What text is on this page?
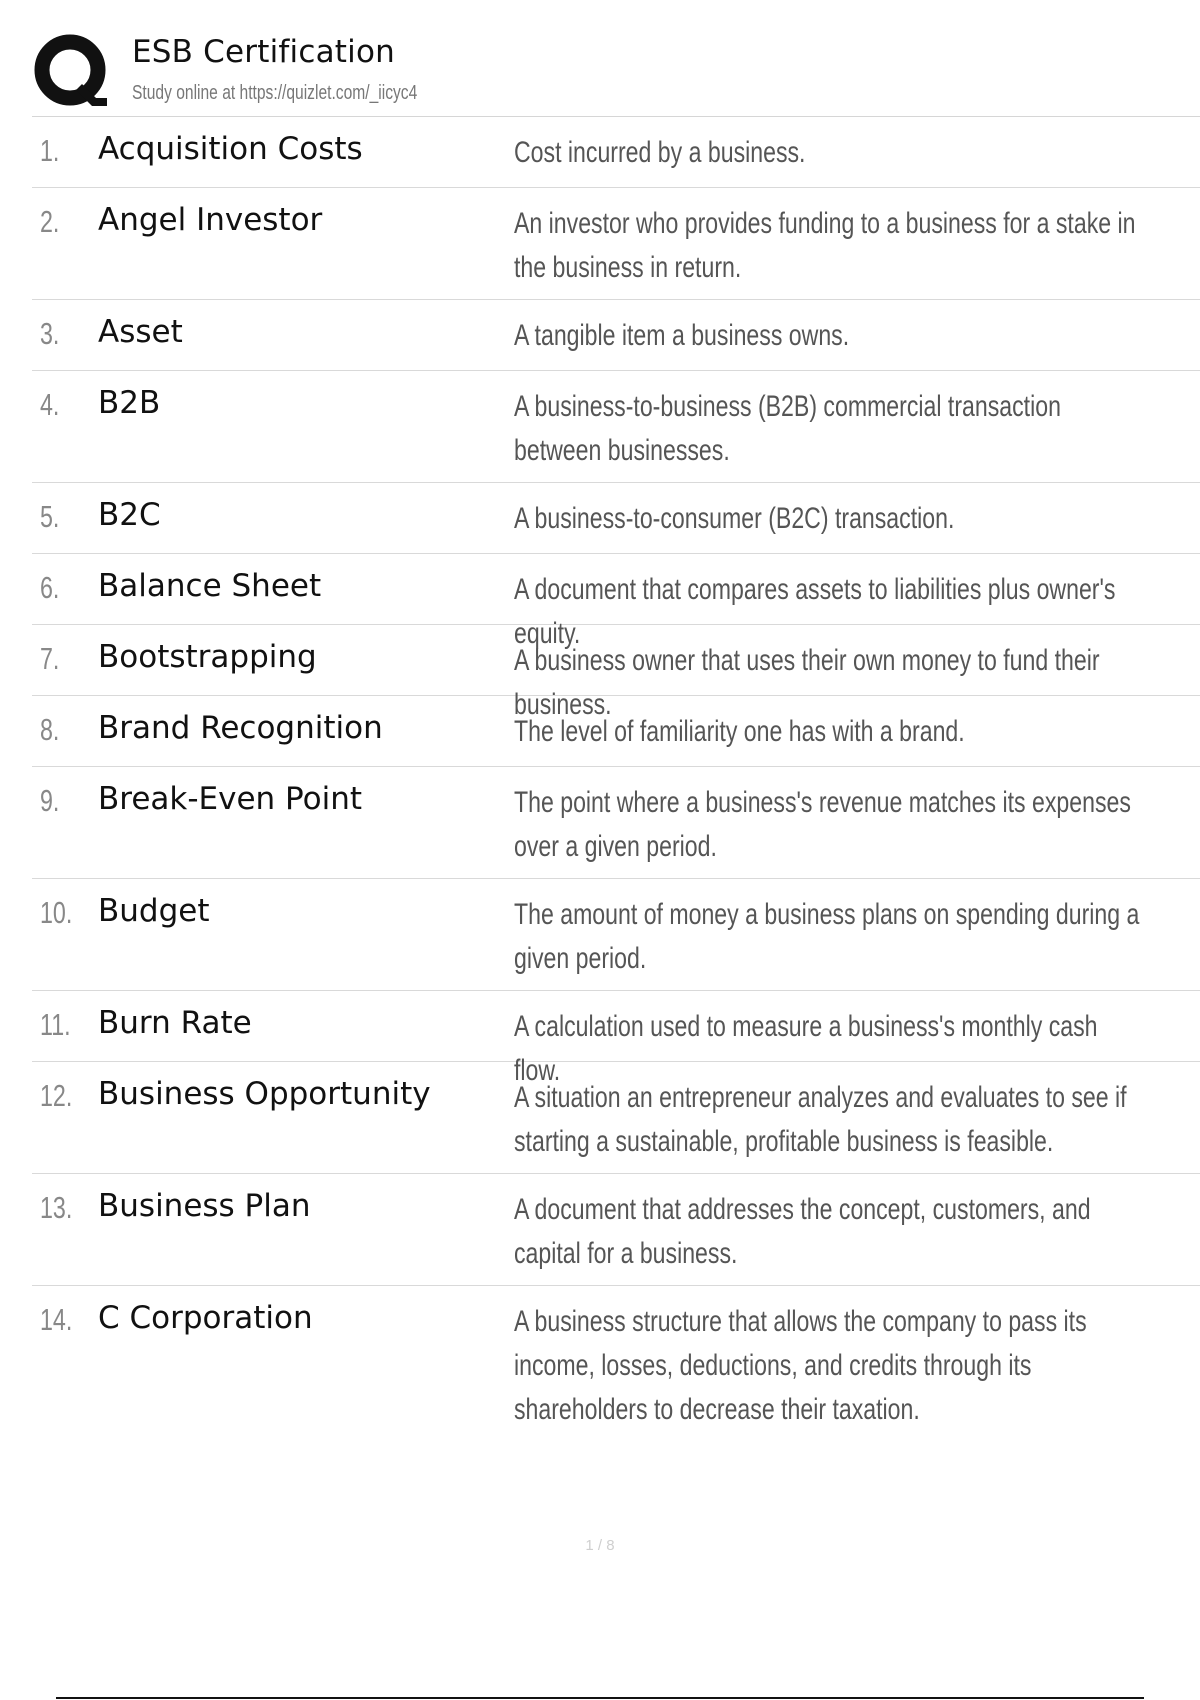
ESB Certification
Study online at https://quizlet.com/_iicyc4
1. Acquisition Costs	Cost incurred by a business.
2. Angel Investor	An investor who provides funding to a business for a stake in the business in return.
3. Asset	A tangible item a business owns.
4. B2B	A business-to-business (B2B) commercial transaction between businesses.
5. B2C	A business-to-consumer (B2C) transaction.
6. Balance Sheet	A document that compares assets to liabilities plus owner's equity.
7. Bootstrapping	A business owner that uses their own money to fund their business.
8. Brand Recognition	The level of familiarity one has with a brand.
9. Break-Even Point	The point where a business's revenue matches its expenses over a given period.
10. Budget	The amount of money a business plans on spending during a given period.
11. Burn Rate	A calculation used to measure a business's monthly cash flow.
12. Business Opportunity	A situation an entrepreneur analyzes and evaluates to see if starting a sustainable, profitable business is feasible.
13. Business Plan	A document that addresses the concept, customers, and capital for a business.
14. C Corporation	A business structure that allows the company to pass its income, losses, deductions, and credits through its shareholders to decrease their taxation.
1 / 8
